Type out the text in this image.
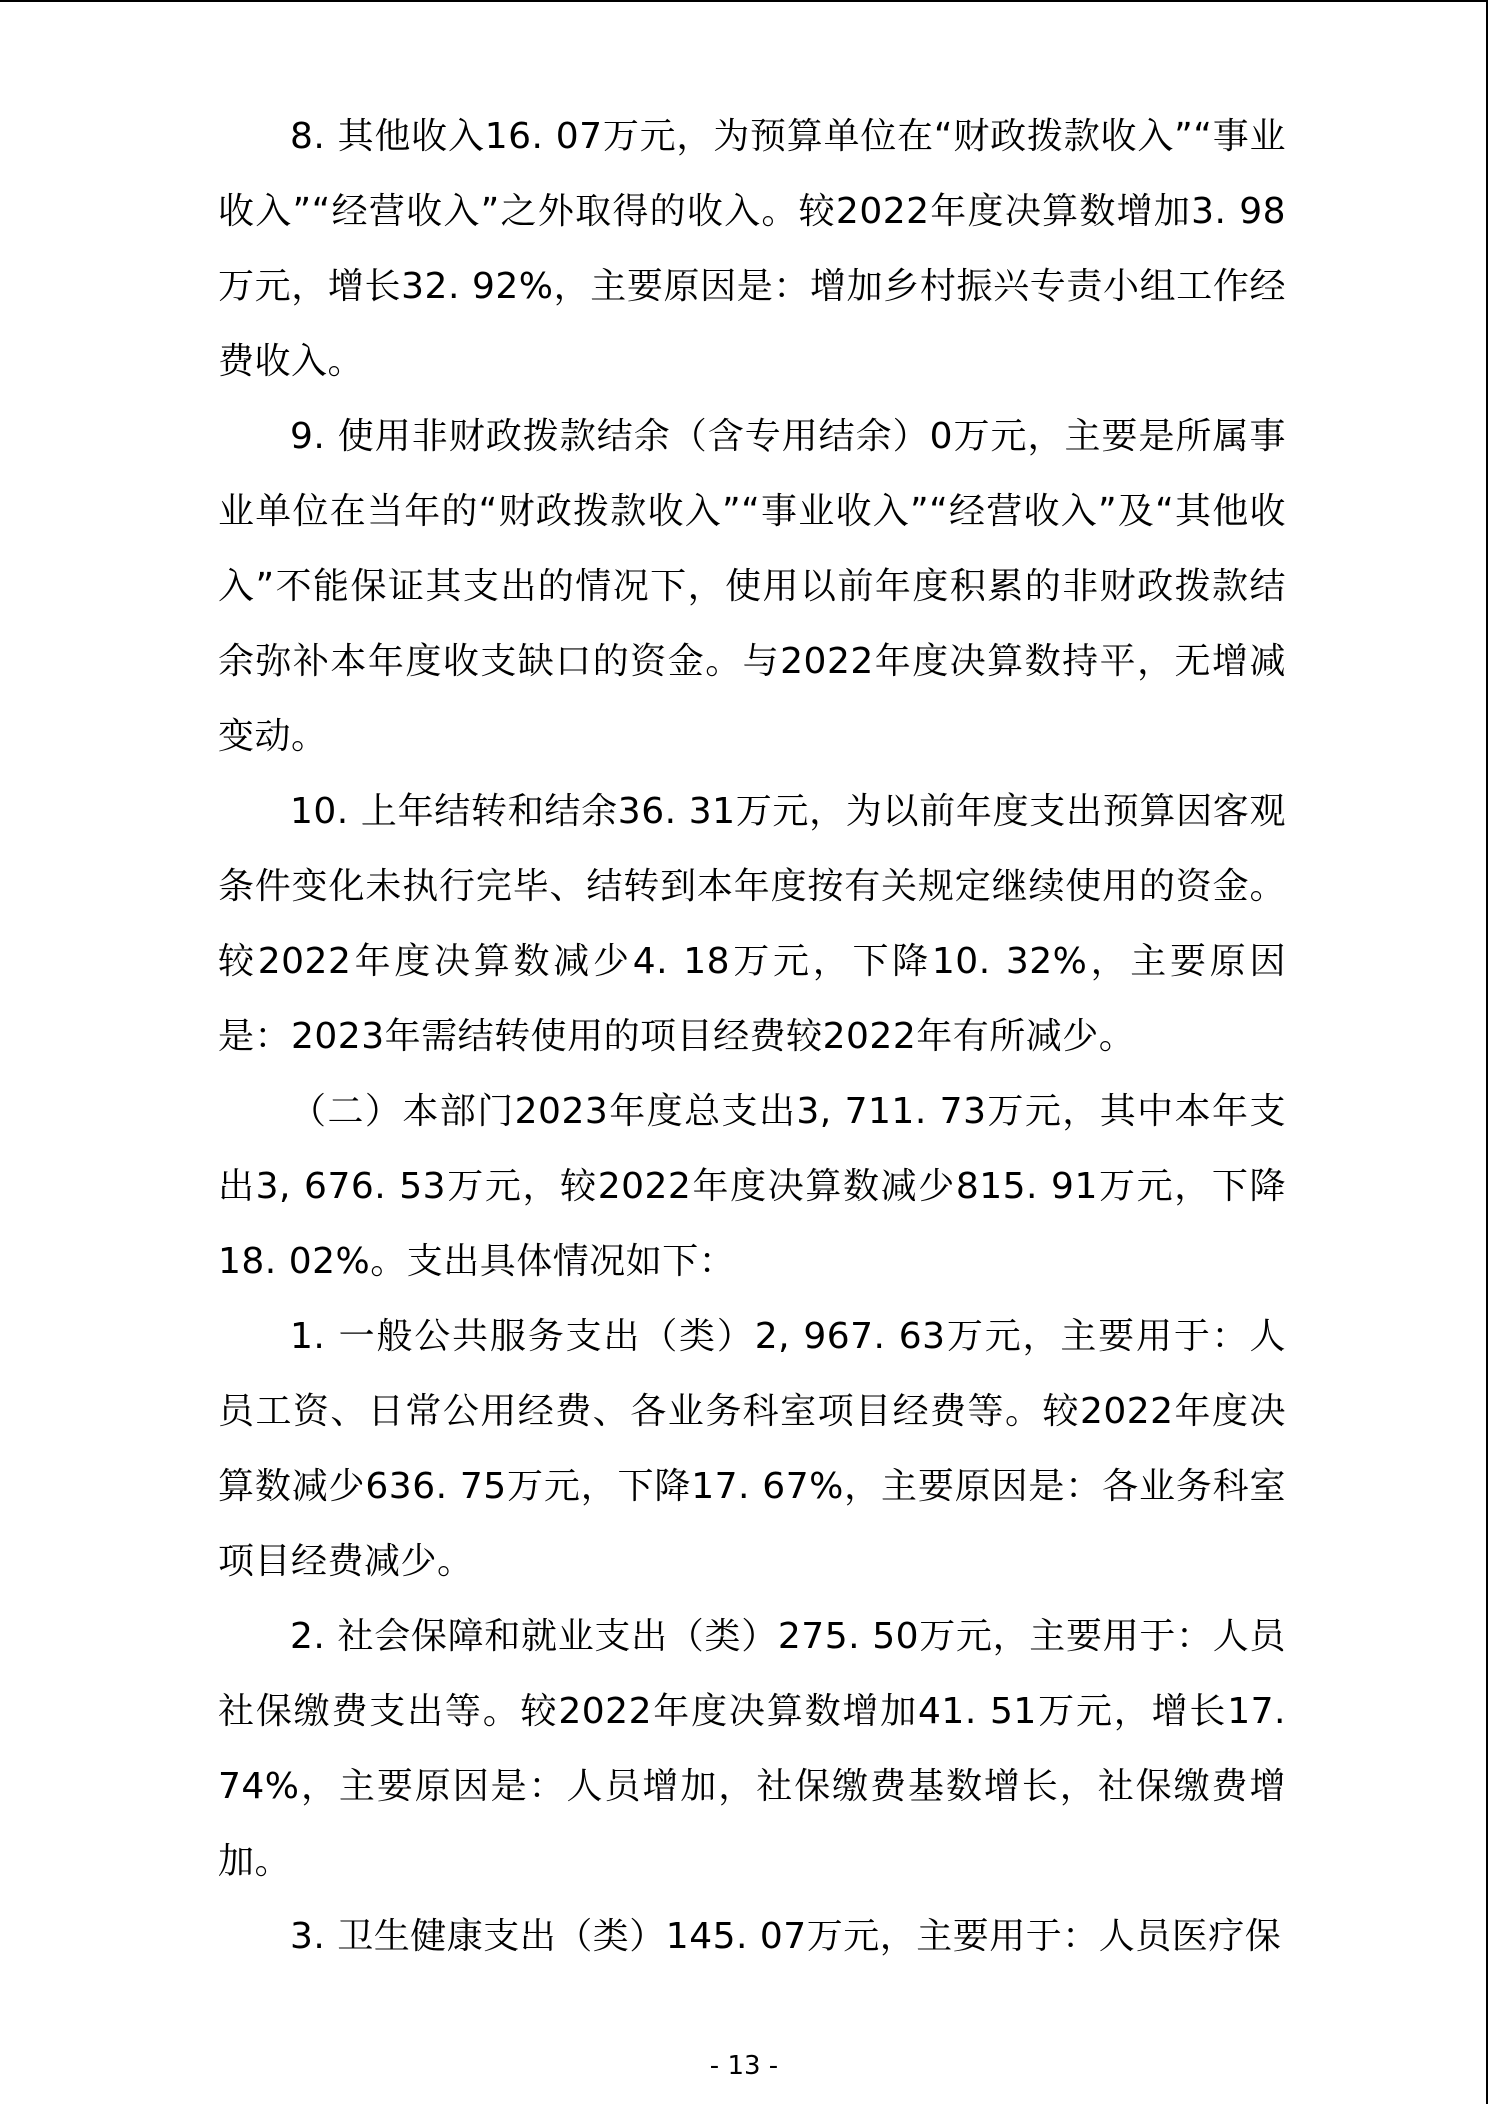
8. 其他收入16. 07万元，为预算单位在“财政拨款收入”“事业收入”“经营收入”之外取得的收入。较2022年度决算数增加3. 98万元，增长32. 92%，主要原因是：增加乡村振兴专责小组工作经费收入。

9. 使用非财政拨款结余（含专用结余）0万元，主要是所属事业单位在当年的“财政拨款收入”“事业收入”“经营收入”及“其他收入”不能保证其支出的情况下，使用以前年度积累的非财政拨款结余弥补本年度收支缺口的资金。与2022年度决算数持平，无增减变动。

10. 上年结转和结余36. 31万元，为以前年度支出预算因客观条件变化未执行完毕、结转到本年度按有关规定继续使用的资金。较2022年度决算数减少4. 18万元，下降10. 32%，主要原因是：2023年需结转使用的项目经费较2022年有所减少。

（二）本部门2023年度总支出3, 711. 73万元，其中本年支出3, 676. 53万元，较2022年度决算数减少815. 91万元，下降18. 02%。支出具体情况如下：

1. 一般公共服务支出（类）2, 967. 63万元，主要用于：人员工资、日常公用经费、各业务科室项目经费等。较2022年度决算数减少636. 75万元，下降17. 67%，主要原因是：各业务科室项目经费减少。

2. 社会保障和就业支出（类）275. 50万元，主要用于：人员社保缴费支出等。较2022年度决算数增加41. 51万元，增长17. 74%，主要原因是：人员增加，社保缴费基数增长，社保缴费增加。

3. 卫生健康支出（类）145. 07万元，主要用于：人员医疗保

- 13 -
